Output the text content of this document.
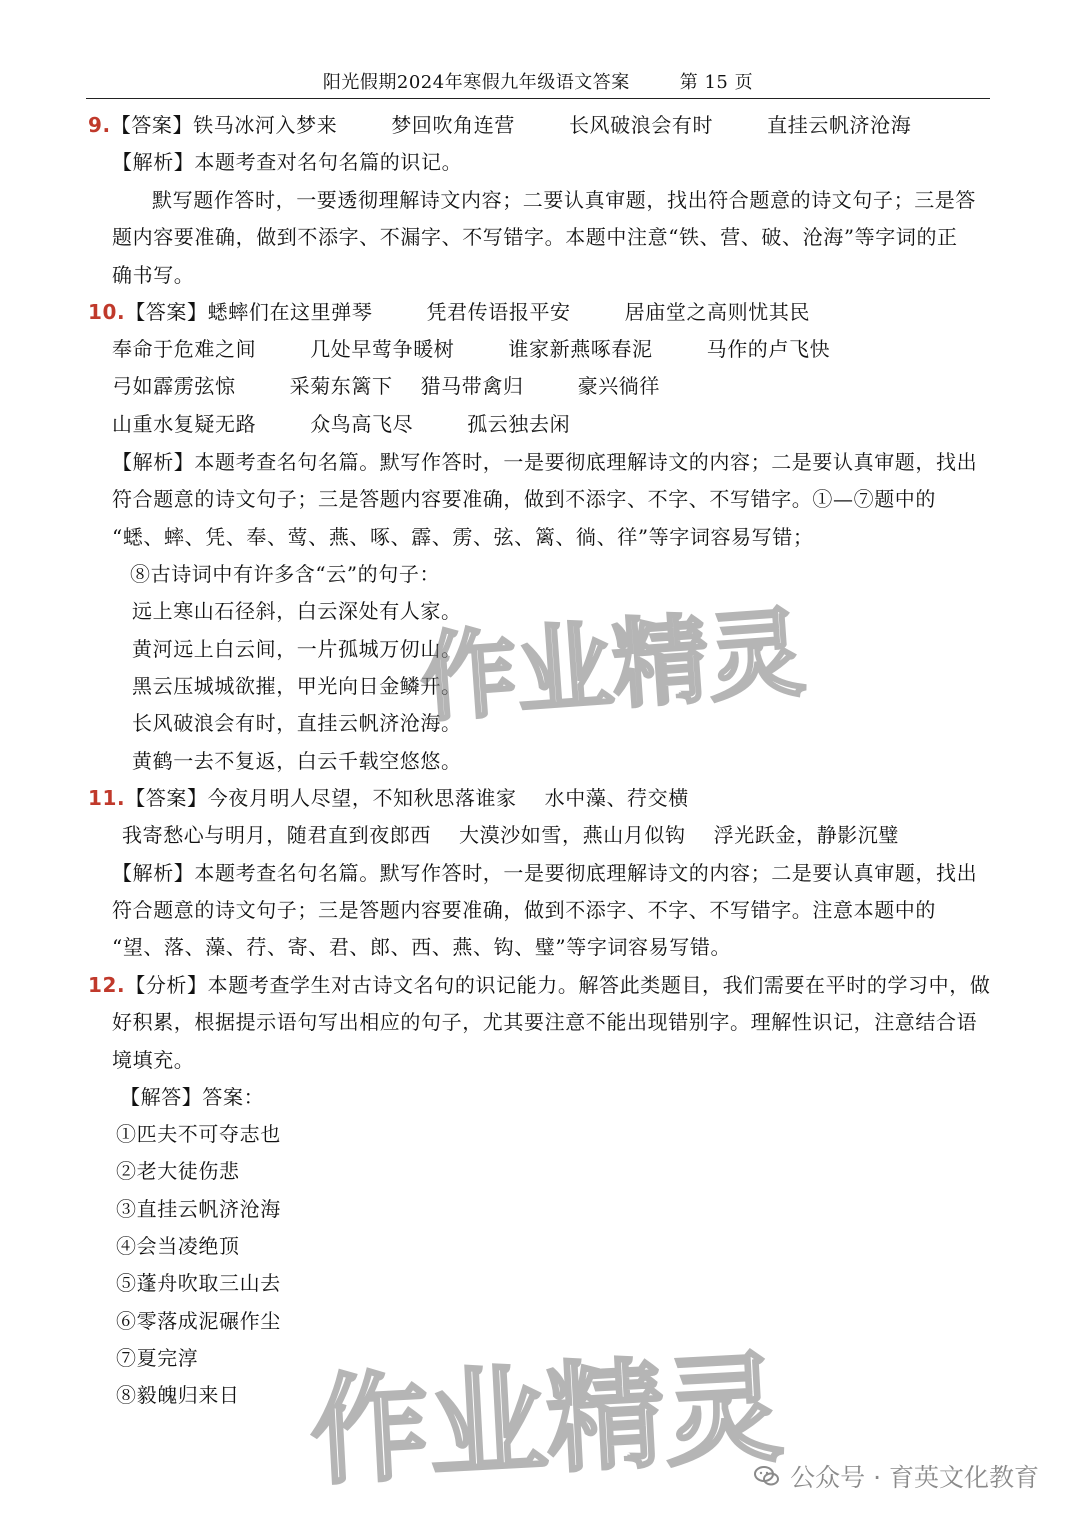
阳光假期2024年寒假九年级语文答案	第 15 页
9.【答案】铁马冰河入梦来	梦回吹角连营	长风破浪会有时	直挂云帆济沧海
【解析】本题考查对名句名篇的识记。
默写题作答时，一要透彻理解诗文内容；二要认真审题，找出符合题意的诗文句子；三是答
题内容要准确，做到不添字、不漏字、不写错字。本题中注意“铁、营、破、沧海”等字词的正
确书写。
10.【答案】蟋蟀们在这里弹琴	凭君传语报平安	居庙堂之高则忧其民
奉命于危难之间	几处早莺争暖树	谁家新燕啄春泥	马作的卢飞快
弓如霹雳弦惊	采菊东篱下 猎马带禽归	豪兴徜徉
山重水复疑无路	众鸟高飞尽	孤云独去闲
【解析】本题考查名句名篇。默写作答时，一是要彻底理解诗文的内容；二是要认真审题，找出
符合题意的诗文句子；三是答题内容要准确，做到不添字、不字、不写错字。①—⑦题中的
“蟋、蟀、凭、奉、莺、燕、啄、霹、雳、弦、篱、徜、徉”等字词容易写错；
⑧古诗词中有许多含“云”的句子：
远上寒山石径斜，白云深处有人家。
黄河远上白云间，一片孤城万仞山。
黑云压城城欲摧，甲光向日金鳞开。
长风破浪会有时，直挂云帆济沧海。
黄鹤一去不复返，白云千载空悠悠。
11.【答案】今夜月明人尽望，不知秋思落谁家 水中藻、荇交横
我寄愁心与明月，随君直到夜郎西 大漠沙如雪，燕山月似钩 浮光跃金，静影沉璧
【解析】本题考查名句名篇。默写作答时，一是要彻底理解诗文的内容；二是要认真审题，找出
符合题意的诗文句子；三是答题内容要准确，做到不添字、不字、不写错字。注意本题中的
“望、落、藻、荇、寄、君、郎、西、燕、钩、璧”等字词容易写错。
12.【分析】本题考查学生对古诗文名句的识记能力。解答此类题目，我们需要在平时的学习中，做
好积累，根据提示语句写出相应的句子，尤其要注意不能出现错别字。理解性识记，注意结合语
境填充。
【解答】答案：
①匹夫不可夺志也
②老大徒伤悲
③直挂云帆济沧海
④会当凌绝顶
⑤蓬舟吹取三山去
⑥零落成泥碾作尘
⑦夏完淳
⑧毅魄归来日
作业精灵
作业精灵 公众号 · 育英文化教育
